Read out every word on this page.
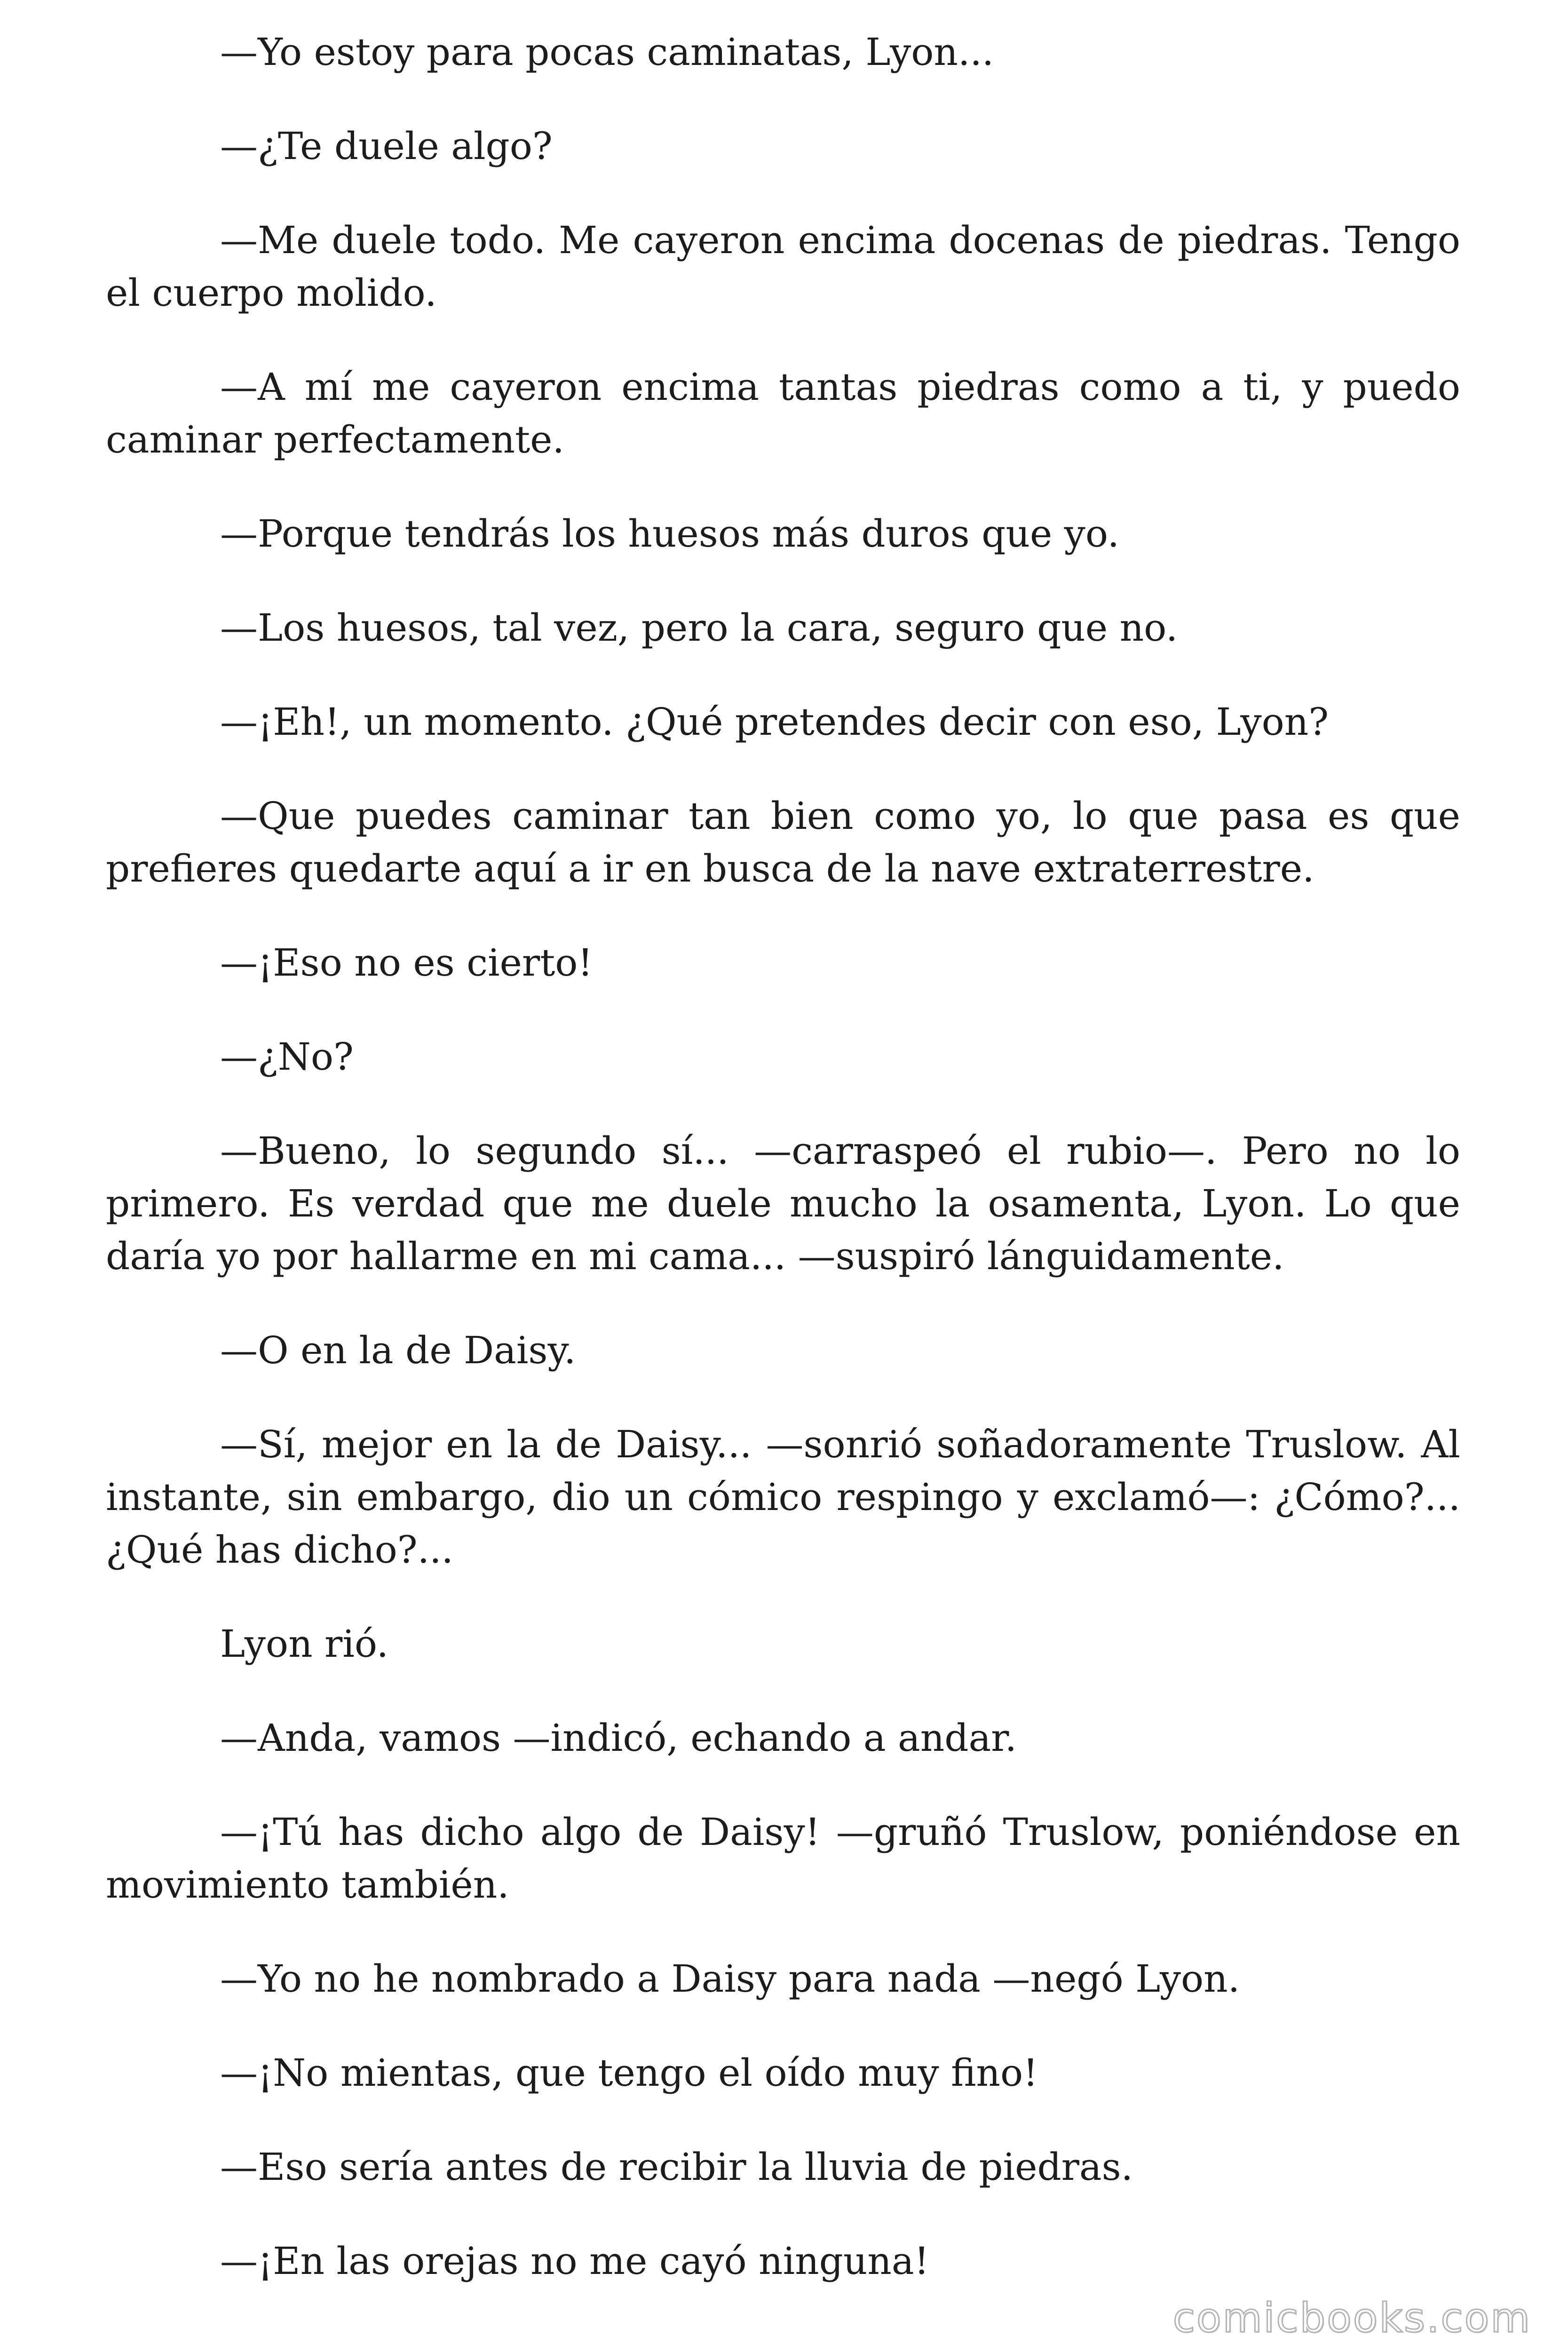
—Yo estoy para pocas caminatas, Lyon...

—¿Te duele algo?

—Me duele todo. Me cayeron encima docenas de piedras. Tengo el cuerpo molido.

—A mí me cayeron encima tantas piedras como a ti, y puedo caminar perfectamente.

—Porque tendrás los huesos más duros que yo.

—Los huesos, tal vez, pero la cara, seguro que no.

—¡Eh!, un momento. ¿Qué pretendes decir con eso, Lyon?

—Que puedes caminar tan bien como yo, lo que pasa es que prefieres quedarte aquí a ir en busca de la nave extraterrestre.

—¡Eso no es cierto!

—¿No?

—Bueno, lo segundo sí... —carraspeó el rubio—. Pero no lo primero. Es verdad que me duele mucho la osamenta, Lyon. Lo que daría yo por hallarme en mi cama... —suspiró lánguidamente.

—O en la de Daisy.

—Sí, mejor en la de Daisy... —sonrió soñadoramente Truslow. Al instante, sin embargo, dio un cómico respingo y exclamó—: ¿Cómo?... ¿Qué has dicho?...

Lyon rió.

—Anda, vamos —indicó, echando a andar.

—¡Tú has dicho algo de Daisy! —gruñó Truslow, poniéndose en movimiento también.

—Yo no he nombrado a Daisy para nada —negó Lyon.

—¡No mientas, que tengo el oído muy fino!

—Eso sería antes de recibir la lluvia de piedras.

—¡En las orejas no me cayó ninguna!

comicbooks.com
